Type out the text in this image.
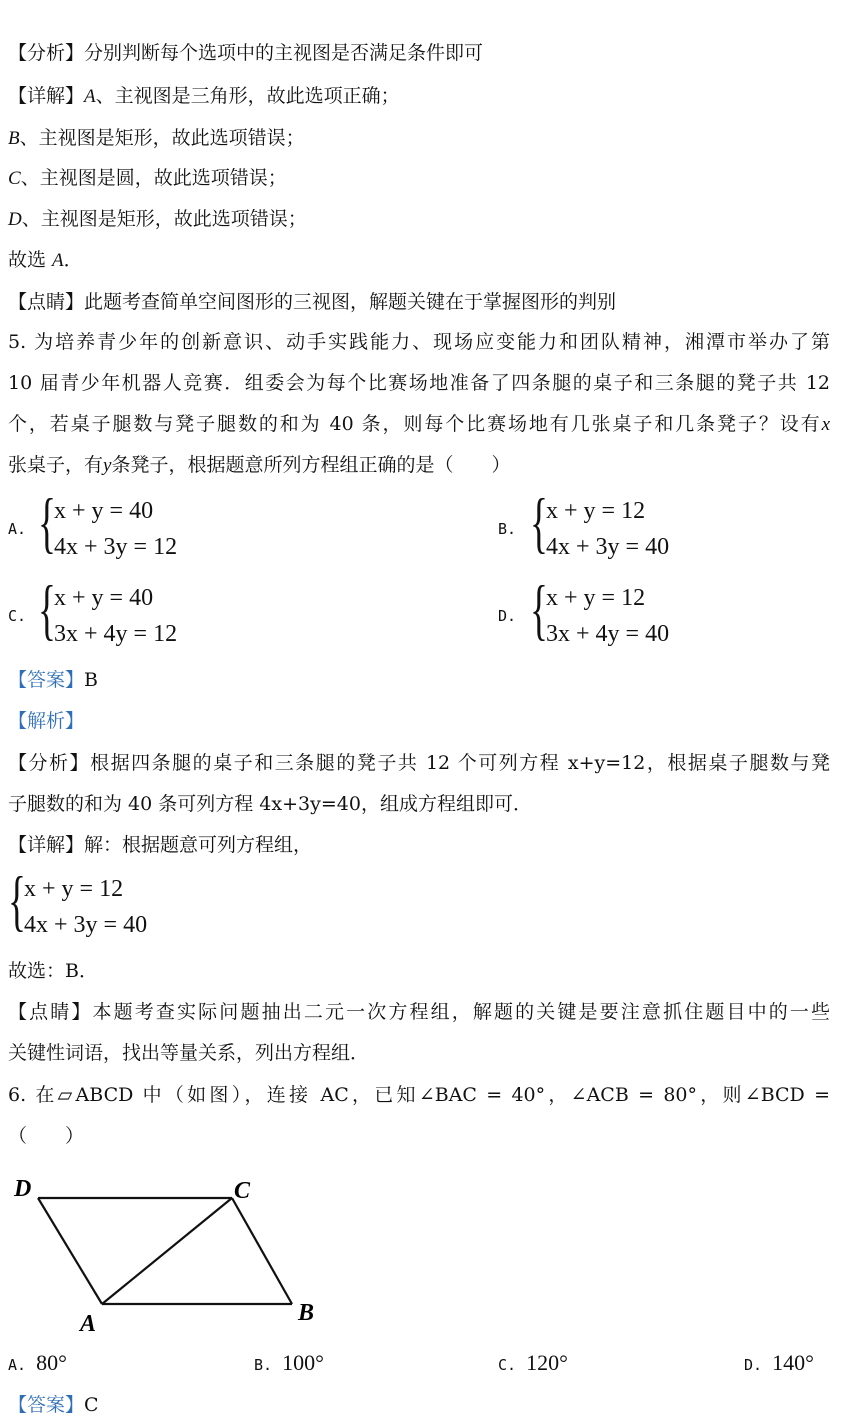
【分析】分别判断每个选项中的主视图是否满足条件即可
【详解】A、主视图是三角形，故此选项正确；
B、主视图是矩形，故此选项错误；
C、主视图是圆，故此选项错误；
D、主视图是矩形，故此选项错误；
故选 A．
【点睛】此题考查简单空间图形的三视图，解题关键在于掌握图形的判别
5. 为培养青少年的创新意识、动手实践能力、现场应变能力和团队精神，湘潭市举办了第
10 届青少年机器人竞赛．组委会为每个比赛场地准备了四条腿的桌子和三条腿的凳子共 12
个，若桌子腿数与凳子腿数的和为 40 条，则每个比赛场地有几张桌子和几条凳子？设有x
张桌子，有y条凳子，根据题意所列方程组正确的是（　　）
A. {
x + y = 40
4x + 3y = 12
B. {
x + y = 12
4x + 3y = 40
C. {
x + y = 40
3x + 4y = 12
D. {
x + y = 12
3x + 4y = 40
【答案】B
【解析】
【分析】根据四条腿的桌子和三条腿的凳子共 12 个可列方程 x+y=12，根据桌子腿数与凳
子腿数的和为 40 条可列方程 4x+3y=40，组成方程组即可．
【详解】解：根据题意可列方程组，
{
x + y = 12
4x + 3y = 40
故选：B．
【点睛】本题考查实际问题抽出二元一次方程组，解题的关键是要注意抓住题目中的一些
关键性词语，找出等量关系，列出方程组．
6. 在▱ABCD 中（如图），连接 AC，已知∠BAC = 40°，∠ACB = 80°，则∠BCD =
（　　）
D	C
A	B
A. 80°	B. 100°	C. 120°	D. 140°
【答案】C
